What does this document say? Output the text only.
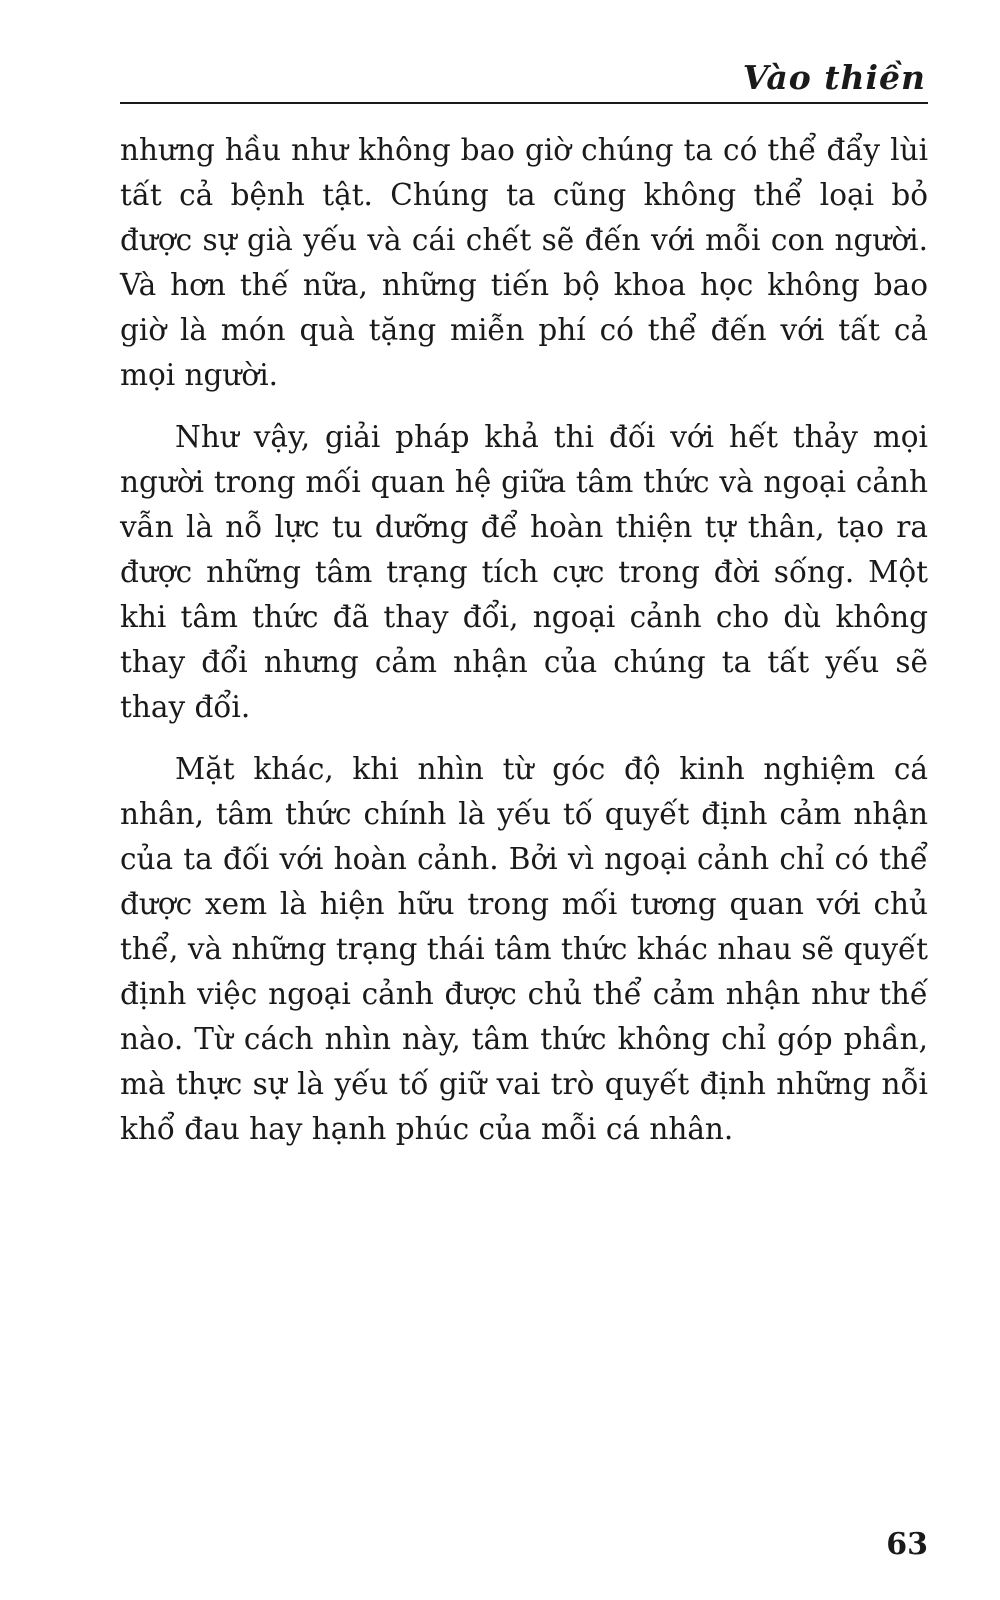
Vào thiền

nhưng hầu như không bao giờ chúng ta có thể đẩy lùi tất cả bệnh tật. Chúng ta cũng không thể loại bỏ được sự già yếu và cái chết sẽ đến với mỗi con người. Và hơn thế nữa, những tiến bộ khoa học không bao giờ là món quà tặng miễn phí có thể đến với tất cả mọi người.

Như vậy, giải pháp khả thi đối với hết thảy mọi người trong mối quan hệ giữa tâm thức và ngoại cảnh vẫn là nỗ lực tu dưỡng để hoàn thiện tự thân, tạo ra được những tâm trạng tích cực trong đời sống. Một khi tâm thức đã thay đổi, ngoại cảnh cho dù không thay đổi nhưng cảm nhận của chúng ta tất yếu sẽ thay đổi.

Mặt khác, khi nhìn từ góc độ kinh nghiệm cá nhân, tâm thức chính là yếu tố quyết định cảm nhận của ta đối với hoàn cảnh. Bởi vì ngoại cảnh chỉ có thể được xem là hiện hữu trong mối tương quan với chủ thể, và những trạng thái tâm thức khác nhau sẽ quyết định việc ngoại cảnh được chủ thể cảm nhận như thế nào. Từ cách nhìn này, tâm thức không chỉ góp phần, mà thực sự là yếu tố giữ vai trò quyết định những nỗi khổ đau hay hạnh phúc của mỗi cá nhân.

63
